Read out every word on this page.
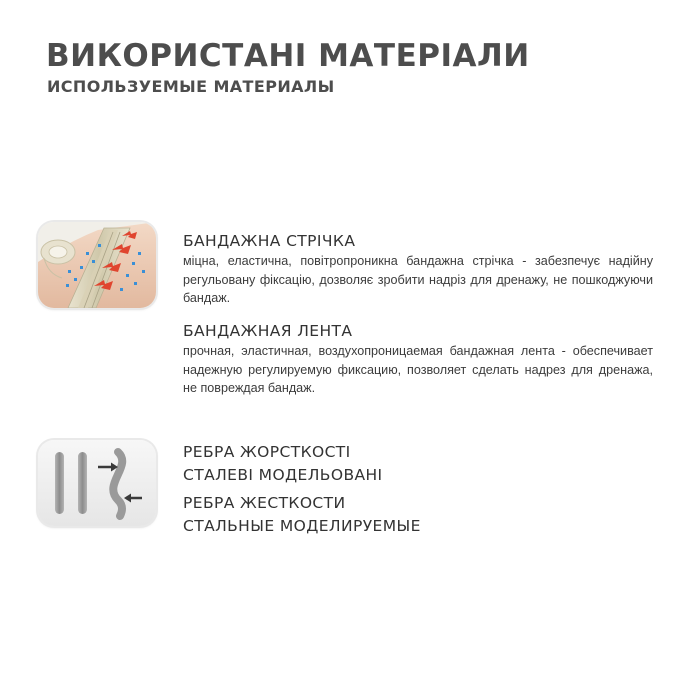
ВИКОРИСТАНІ МАТЕРІАЛИ
ИСПОЛЬЗУЕМЫЕ МАТЕРИАЛЫ
БАНДАЖНА СТРІЧКА

міцна, еластична, повітропроникна бандажна стрічка - забезпечує надійну регульовану фіксацію, дозволяє зробити надріз для дренажу, не пошкоджуючи бандаж.

БАНДАЖНАЯ ЛЕНТА

прочная, эластичная, воздухопроницаемая бандажная лента - обеспечивает надежную регулируемую фиксацию, позволяет сделать надрез для дренажа, не повреждая бандаж.

РЕБРА ЖОРСТКОСТІ
СТАЛЕВІ МОДЕЛЬОВАНІ
РЕБРА ЖЕСТКОСТИ
СТАЛЬНЫЕ МОДЕЛИРУЕМЫЕ
